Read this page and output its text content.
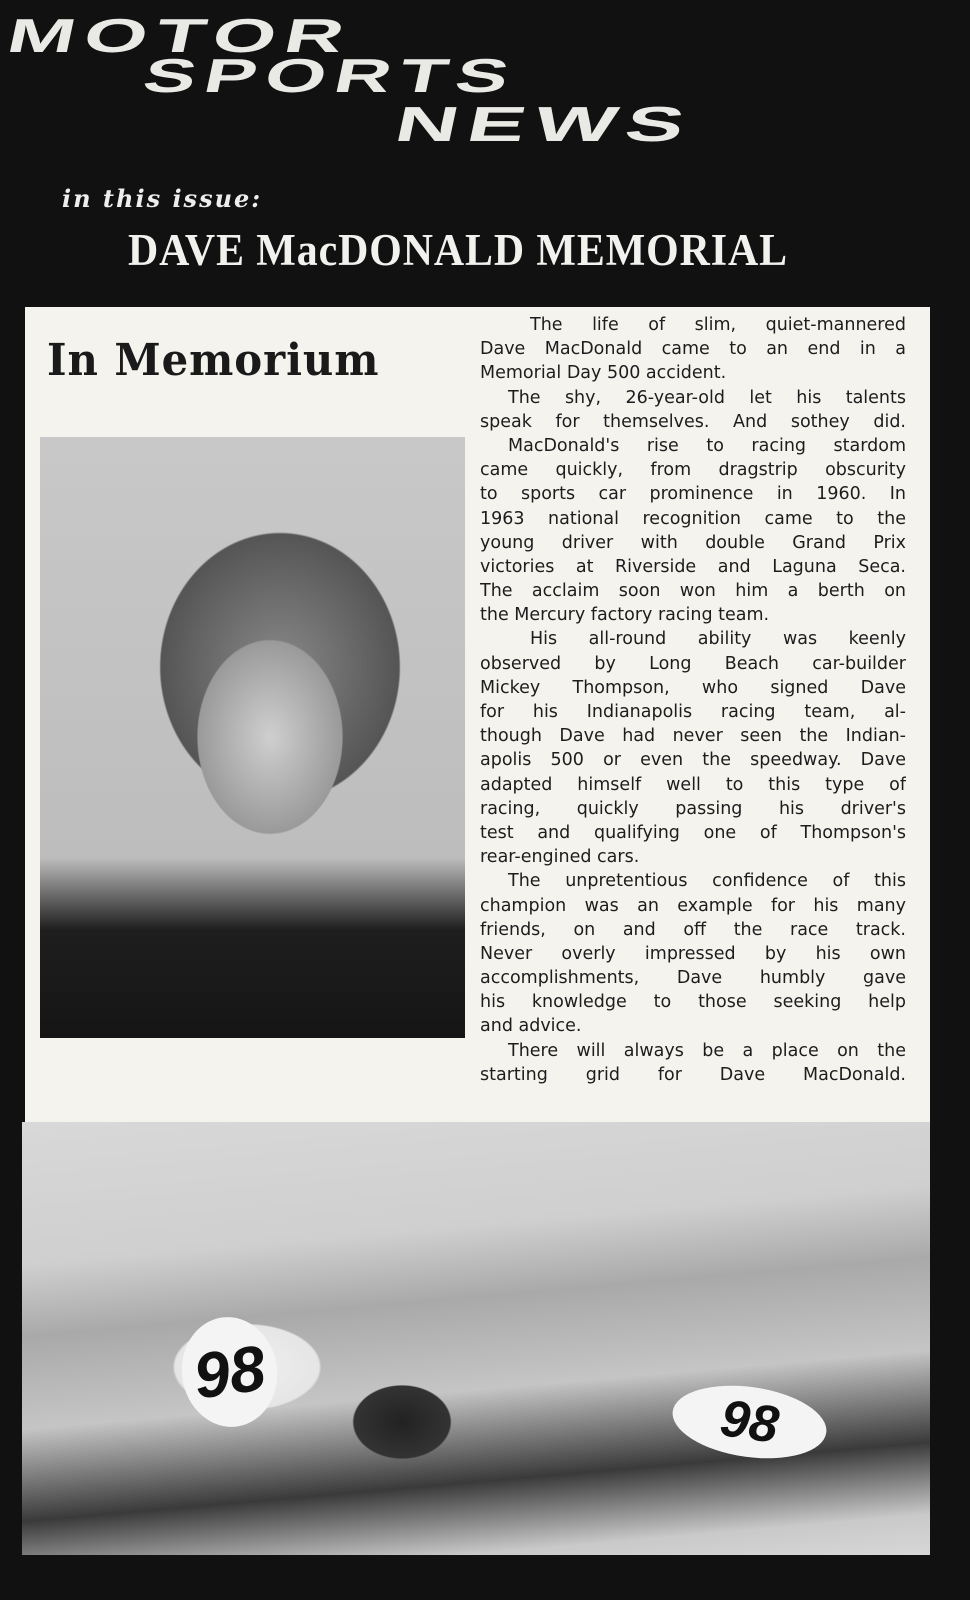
MOTOR
SPORTS
NEWS
in this issue:
DAVE MacDONALD MEMORIAL
In Memorium
The life of slim, quiet-mannered
Dave MacDonald came to an end in a
Memorial Day 500 accident.
The shy, 26-year-old let his talents
speak for themselves. And sothey did.
MacDonald's rise to racing stardom
came quickly, from dragstrip obscurity
to sports car prominence in 1960. In
1963 national recognition came to the
young driver with double Grand Prix
victories at Riverside and Laguna Seca.
The acclaim soon won him a berth on
the Mercury factory racing team.
His all-round ability was keenly
observed by Long Beach car-builder
Mickey Thompson, who signed Dave
for his Indianapolis racing team, al-
though Dave had never seen the Indian-
apolis 500 or even the speedway. Dave
adapted himself well to this type of
racing, quickly passing his driver's
test and qualifying one of Thompson's
rear-engined cars.
The unpretentious confidence of this
champion was an example for his many
friends, on and off the race track.
Never overly impressed by his own
accomplishments, Dave humbly gave
his knowledge to those seeking help
and advice.
There will always be a place on the
starting grid for Dave MacDonald.
98
98
